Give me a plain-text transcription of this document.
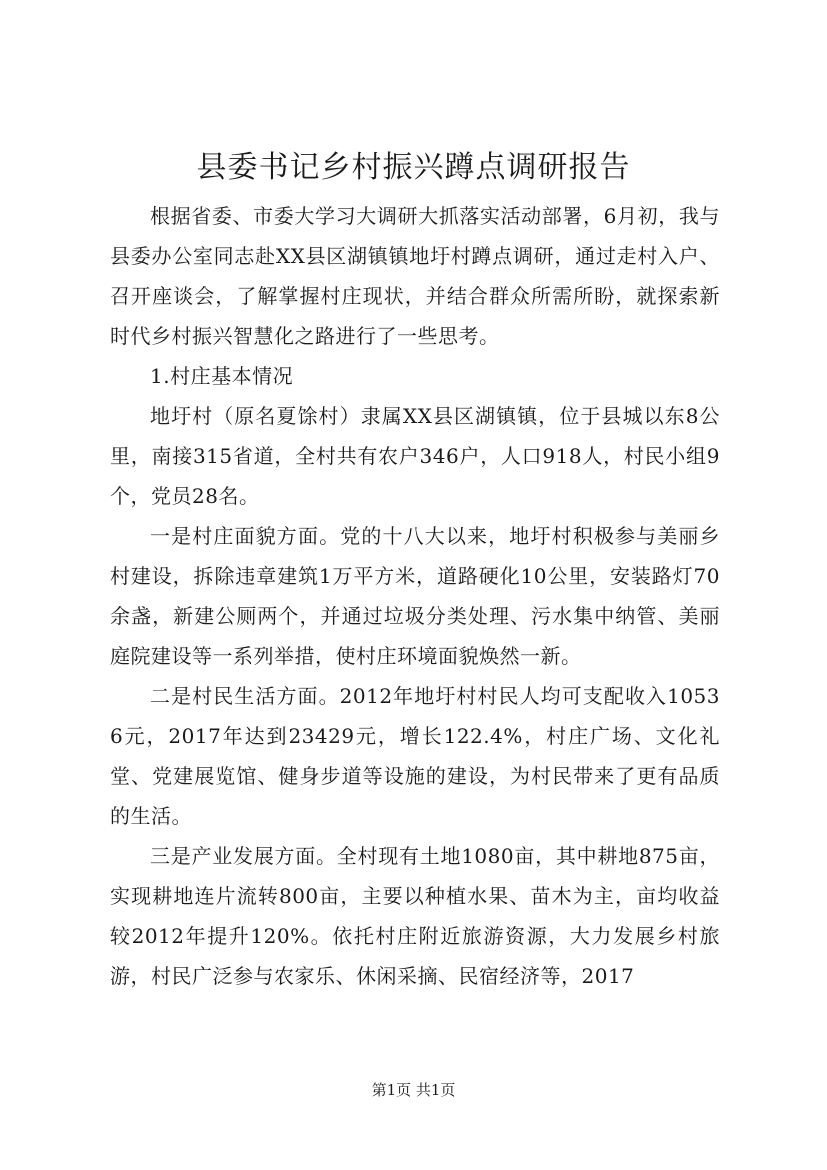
县委书记乡村振兴蹲点调研报告

根据省委、市委大学习大调研大抓落实活动部署，6月初，我与县委办公室同志赴XX县区湖镇镇地圩村蹲点调研，通过走村入户、召开座谈会，了解掌握村庄现状，并结合群众所需所盼，就探索新时代乡村振兴智慧化之路进行了一些思考。

1.村庄基本情况

地圩村（原名夏馀村）隶属XX县区湖镇镇，位于县城以东8公里，南接315省道，全村共有农户346户，人口918人，村民小组9个，党员28名。

一是村庄面貌方面。党的十八大以来，地圩村积极参与美丽乡村建设，拆除违章建筑1万平方米，道路硬化10公里，安装路灯70余盏，新建公厕两个，并通过垃圾分类处理、污水集中纳管、美丽庭院建设等一系列举措，使村庄环境面貌焕然一新。

二是村民生活方面。2012年地圩村村民人均可支配收入10536元，2017年达到23429元，增长122.4%，村庄广场、文化礼堂、党建展览馆、健身步道等设施的建设，为村民带来了更有品质的生活。

三是产业发展方面。全村现有土地1080亩，其中耕地875亩，实现耕地连片流转800亩，主要以种植水果、苗木为主，亩均收益较2012年提升120%。依托村庄附近旅游资源，大力发展乡村旅游，村民广泛参与农家乐、休闲采摘、民宿经济等，2017

第1页 共1页
